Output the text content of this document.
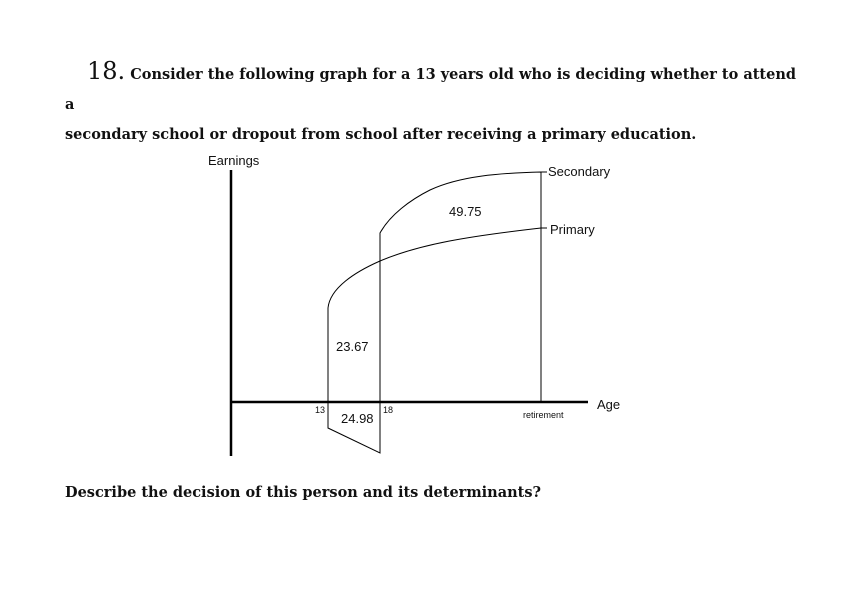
18. Consider the following graph for a 13 years old who is deciding whether to attend a
secondary school or dropout from school after receiving a primary education.
Earnings
Age
Secondary
Primary
49.75
23.67
24.98
13	18	retirement
Describe the decision of this person and its determinants?
